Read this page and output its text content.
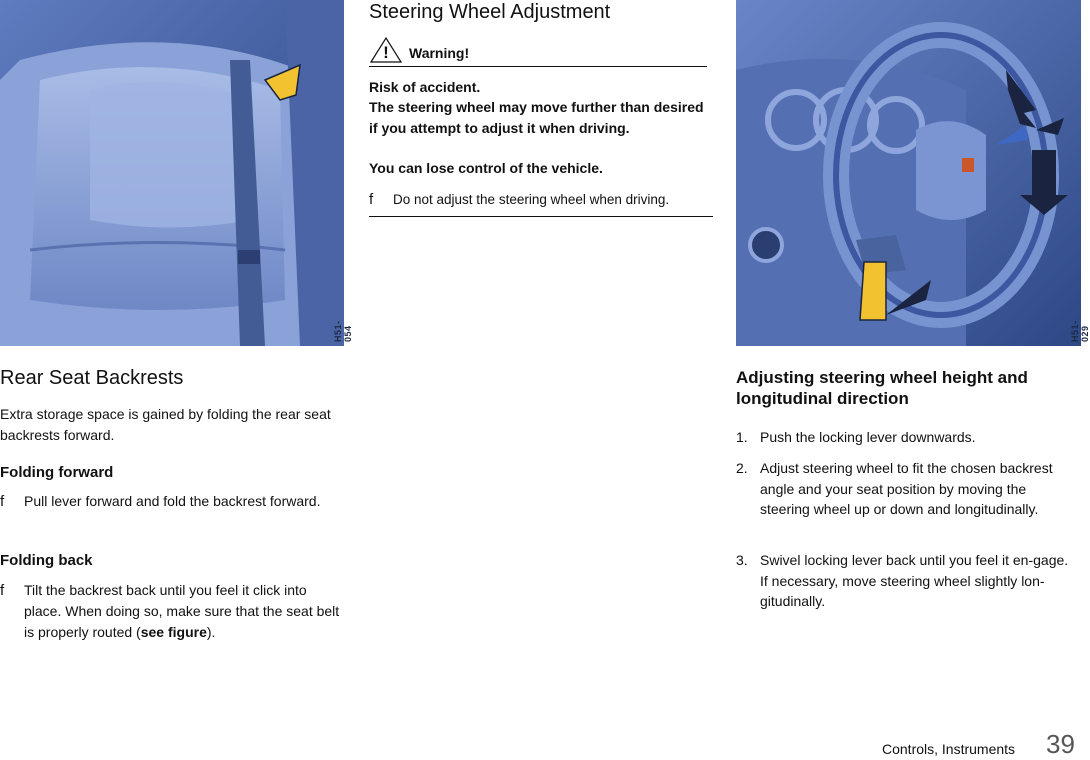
H51-054	H51-029
Rear Seat Backrests
Extra storage space is gained by folding the rear seat backrests forward.
Folding forward
f Pull lever forward and fold the backrest forward.
Folding back
f Tilt the backrest back until you feel it click into place. When doing so, make sure that the seat belt is properly routed (see figure).
Steering Wheel Adjustment
! Warning!
Risk of accident.
The steering wheel may move further than desired if you attempt to adjust it when driving.
You can lose control of the vehicle.
f Do not adjust the steering wheel when driving.
Adjusting steering wheel height and longitudinal direction
1. Push the locking lever downwards.
2. Adjust steering wheel to fit the chosen backrest angle and your seat position by moving the steering wheel up or down and longitudinally.
3. Swivel locking lever back until you feel it en-gage.
If necessary, move steering wheel slightly lon-gitudinally.
Controls, Instruments 39
